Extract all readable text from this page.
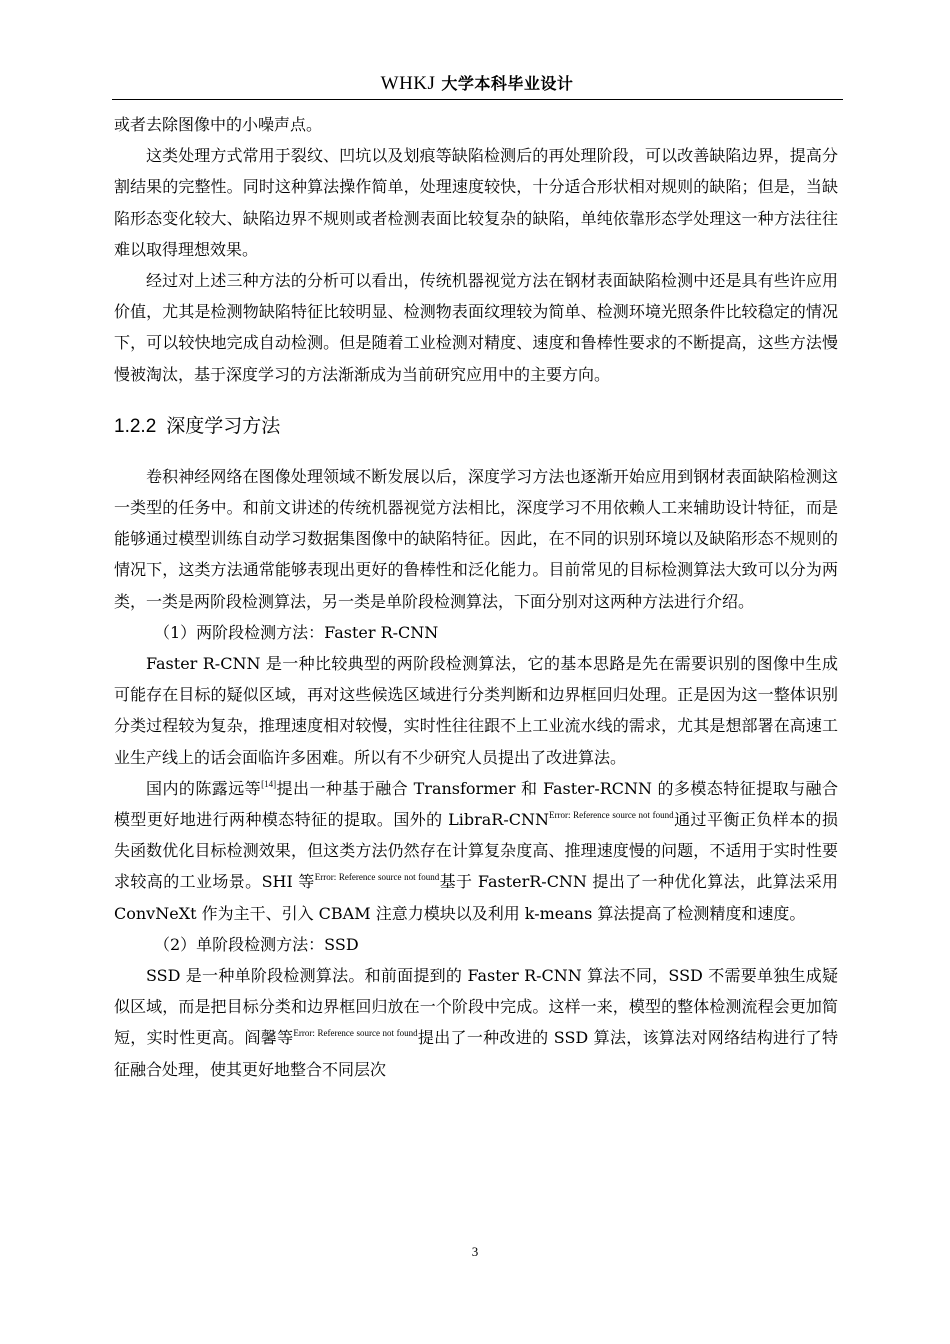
WHKJ 大学本科毕业设计

或者去除图像中的小噪声点。

这类处理方式常用于裂纹、凹坑以及划痕等缺陷检测后的再处理阶段，可以改善缺陷边界，提高分割结果的完整性。同时这种算法操作简单，处理速度较快，十分适合形状相对规则的缺陷；但是，当缺陷形态变化较大、缺陷边界不规则或者检测表面比较复杂的缺陷，单纯依靠形态学处理这一种方法往往难以取得理想效果。

经过对上述三种方法的分析可以看出，传统机器视觉方法在钢材表面缺陷检测中还是具有些许应用价值，尤其是检测物缺陷特征比较明显、检测物表面纹理较为简单、检测环境光照条件比较稳定的情况下，可以较快地完成自动检测。但是随着工业检测对精度、速度和鲁棒性要求的不断提高，这些方法慢慢被淘汰，基于深度学习的方法渐渐成为当前研究应用中的主要方向。

1.2.2 深度学习方法

卷积神经网络在图像处理领域不断发展以后，深度学习方法也逐渐开始应用到钢材表面缺陷检测这一类型的任务中。和前文讲述的传统机器视觉方法相比，深度学习不用依赖人工来辅助设计特征，而是能够通过模型训练自动学习数据集图像中的缺陷特征。因此，在不同的识别环境以及缺陷形态不规则的情况下，这类方法通常能够表现出更好的鲁棒性和泛化能力。目前常见的目标检测算法大致可以分为两类，一类是两阶段检测算法，另一类是单阶段检测算法，下面分别对这两种方法进行介绍。

（1）两阶段检测方法：Faster R-CNN

Faster R-CNN 是一种比较典型的两阶段检测算法，它的基本思路是先在需要识别的图像中生成可能存在目标的疑似区域，再对这些候选区域进行分类判断和边界框回归处理。正是因为这一整体识别分类过程较为复杂，推理速度相对较慢，实时性往往跟不上工业流水线的需求，尤其是想部署在高速工业生产线上的话会面临许多困难。所以有不少研究人员提出了改进算法。

国内的陈露远等[14]提出一种基于融合 Transformer 和 Faster-RCNN 的多模态特征提取与融合模型更好地进行两种模态特征的提取。国外的 LibraR-CNN$^{Error: Reference source not found}$通过平衡正负样本的损失函数优化目标检测效果，但这类方法仍然存在计算复杂度高、推理速度慢的问题，不适用于实时性要求较高的工业场景。SHI 等$^{Error: Reference source not found}$基于 FasterR-CNN 提出了一种优化算法，此算法采用 ConvNeXt 作为主干、引入 CBAM 注意力模块以及利用 k-means 算法提高了检测精度和速度。

（2）单阶段检测方法：SSD

SSD 是一种单阶段检测算法。和前面提到的 Faster R-CNN 算法不同，SSD 不需要单独生成疑似区域，而是把目标分类和边界框回归放在一个阶段中完成。这样一来，模型的整体检测流程会更加简短，实时性更高。阎馨等$^{Error: Reference source not found}$提出了一种改进的 SSD 算法，该算法对网络结构进行了特征融合处理，使其更好地整合不同层次

3
